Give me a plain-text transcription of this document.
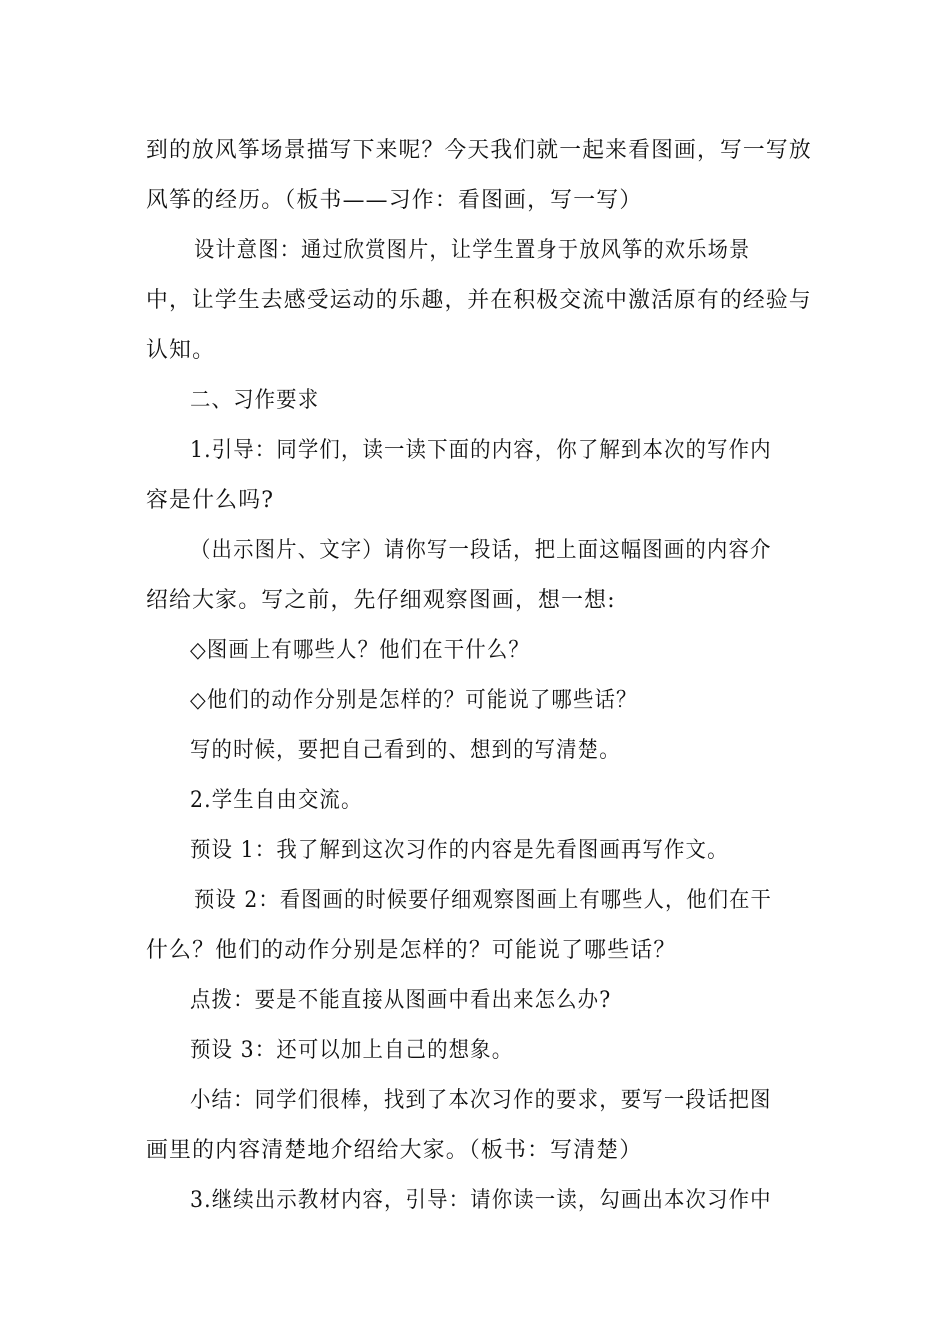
到的放风筝场景描写下来呢？今天我们就一起来看图画，写一写放
风筝的经历。（板书——习作：看图画，写一写）
设计意图：通过欣赏图片，让学生置身于放风筝的欢乐场景
中，让学生去感受运动的乐趣，并在积极交流中激活原有的经验与
认知。
二、习作要求
1.引导：同学们，读一读下面的内容，你了解到本次的写作内
容是什么吗?
（出示图片、文字）请你写一段话，把上面这幅图画的内容介
绍给大家。写之前，先仔细观察图画，想一想:
◇图画上有哪些人？他们在干什么？
◇他们的动作分别是怎样的？可能说了哪些话？
写的时候，要把自己看到的、想到的写清楚。
2.学生自由交流。
预设 1：我了解到这次习作的内容是先看图画再写作文。
预设 2：看图画的时候要仔细观察图画上有哪些人，他们在干
什么？他们的动作分别是怎样的？可能说了哪些话？
点拨：要是不能直接从图画中看出来怎么办?
预设 3：还可以加上自己的想象。
小结：同学们很棒，找到了本次习作的要求，要写一段话把图
画里的内容清楚地介绍给大家。（板书：写清楚）
3.继续出示教材内容，引导：请你读一读，勾画出本次习作中
